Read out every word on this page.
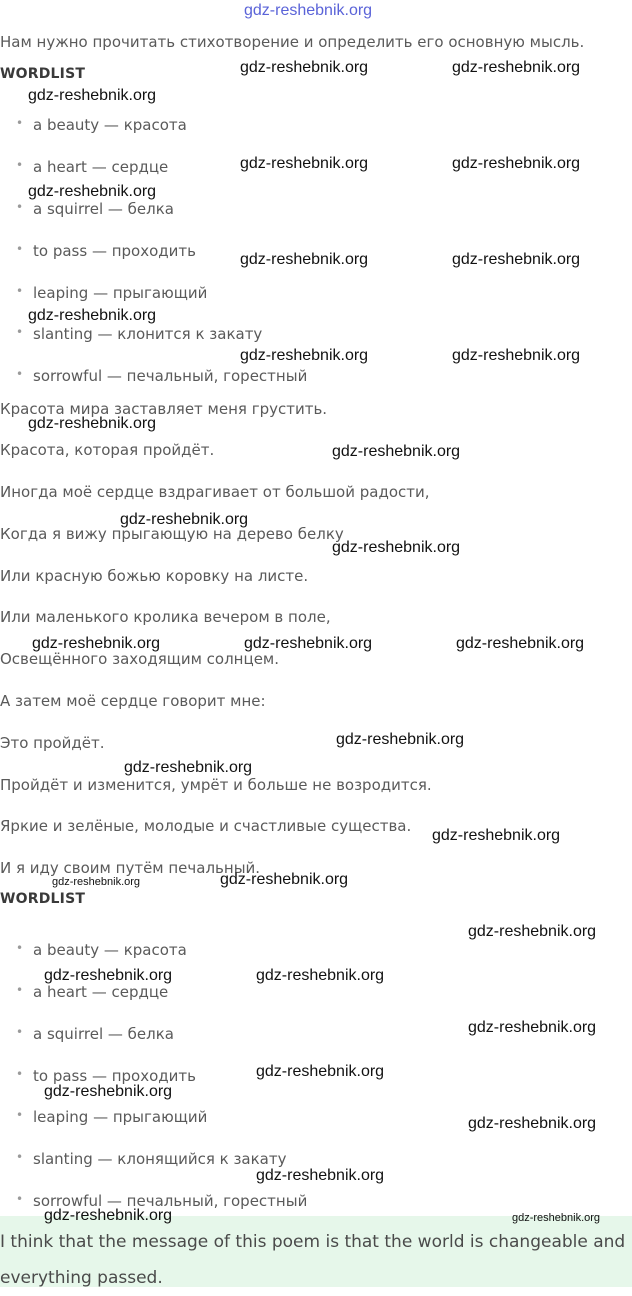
gdz-reshebnik.org
Нам нужно прочитать стихотворение и определить его основную мысль.
WORDLIST
• a beauty — красота
• a heart — сердце
• a squirrel — белка
• to pass — проходить
• leaping — прыгающий
• slanting — клонится к закату
• sorrowful — печальный, горестный
Красота мира заставляет меня грустить.
Красота, которая пройдёт.
Иногда моё сердце вздрагивает от большой радости,
Когда я вижу прыгающую на дерево белку
Или красную божью коровку на листе.
Или маленького кролика вечером в поле,
Освещённого заходящим солнцем.
А затем моё сердце говорит мне:
Это пройдёт.
Пройдёт и изменится, умрёт и больше не возродится.
Яркие и зелёные, молодые и счастливые существа.
И я иду своим путём печальный.
WORDLIST
• a beauty — красота
• a heart — сердце
• a squirrel — белка
• to pass — проходить
• leaping — прыгающий
• slanting — клонящийся к закату
• sorrowful — печальный, горестный
I think that the message of this poem is that the world is changeable and everything passed.
gdz-reshebnik.org	gdz-reshebnik.org
gdz-reshebnik.org
gdz-reshebnik.org	gdz-reshebnik.org
gdz-reshebnik.org
gdz-reshebnik.org	gdz-reshebnik.org
gdz-reshebnik.org
gdz-reshebnik.org	gdz-reshebnik.org
gdz-reshebnik.org
gdz-reshebnik.org
gdz-reshebnik.org
gdz-reshebnik.org
gdz-reshebnik.org	gdz-reshebnik.org	gdz-reshebnik.org
gdz-reshebnik.org
gdz-reshebnik.org
gdz-reshebnik.org
gdz-reshebnik.org	gdz-reshebnik.org
gdz-reshebnik.org
gdz-reshebnik.org	gdz-reshebnik.org
gdz-reshebnik.org
gdz-reshebnik.org
gdz-reshebnik.org
gdz-reshebnik.org
gdz-reshebnik.org
gdz-reshebnik.org	gdz-reshebnik.org
